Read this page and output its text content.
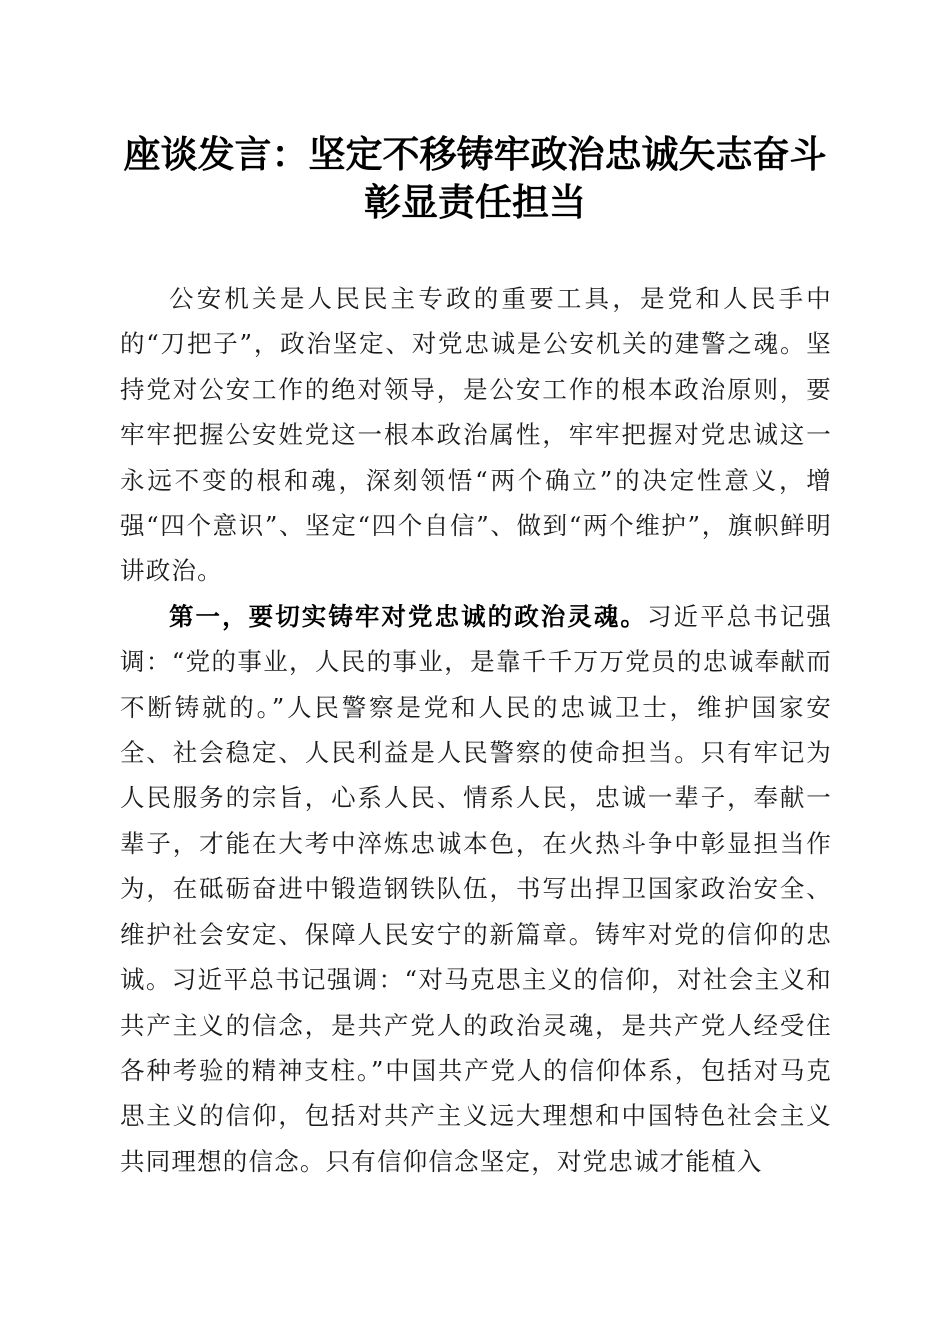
座谈发言：坚定不移铸牢政治忠诚矢志奋斗彰显责任担当

公安机关是人民民主专政的重要工具，是党和人民手中的“刀把子”，政治坚定、对党忠诚是公安机关的建警之魂。坚持党对公安工作的绝对领导，是公安工作的根本政治原则，要牢牢把握公安姓党这一根本政治属性，牢牢把握对党忠诚这一永远不变的根和魂，深刻领悟“两个确立”的决定性意义，增强“四个意识”、坚定“四个自信”、做到“两个维护”，旗帜鲜明讲政治。

第一，要切实铸牢对党忠诚的政治灵魂。习近平总书记强调：“党的事业，人民的事业，是靠千千万万党员的忠诚奉献而不断铸就的。”人民警察是党和人民的忠诚卫士，维护国家安全、社会稳定、人民利益是人民警察的使命担当。只有牢记为人民服务的宗旨，心系人民、情系人民，忠诚一辈子，奉献一辈子，才能在大考中淬炼忠诚本色，在火热斗争中彰显担当作为，在砥砺奋进中锻造钢铁队伍，书写出捍卫国家政治安全、维护社会安定、保障人民安宁的新篇章。铸牢对党的信仰的忠诚。习近平总书记强调：“对马克思主义的信仰，对社会主义和共产主义的信念，是共产党人的政治灵魂，是共产党人经受住各种考验的精神支柱。”中国共产党人的信仰体系，包括对马克思主义的信仰，包括对共产主义远大理想和中国特色社会主义共同理想的信念。只有信仰信念坚定，对党忠诚才能植入
